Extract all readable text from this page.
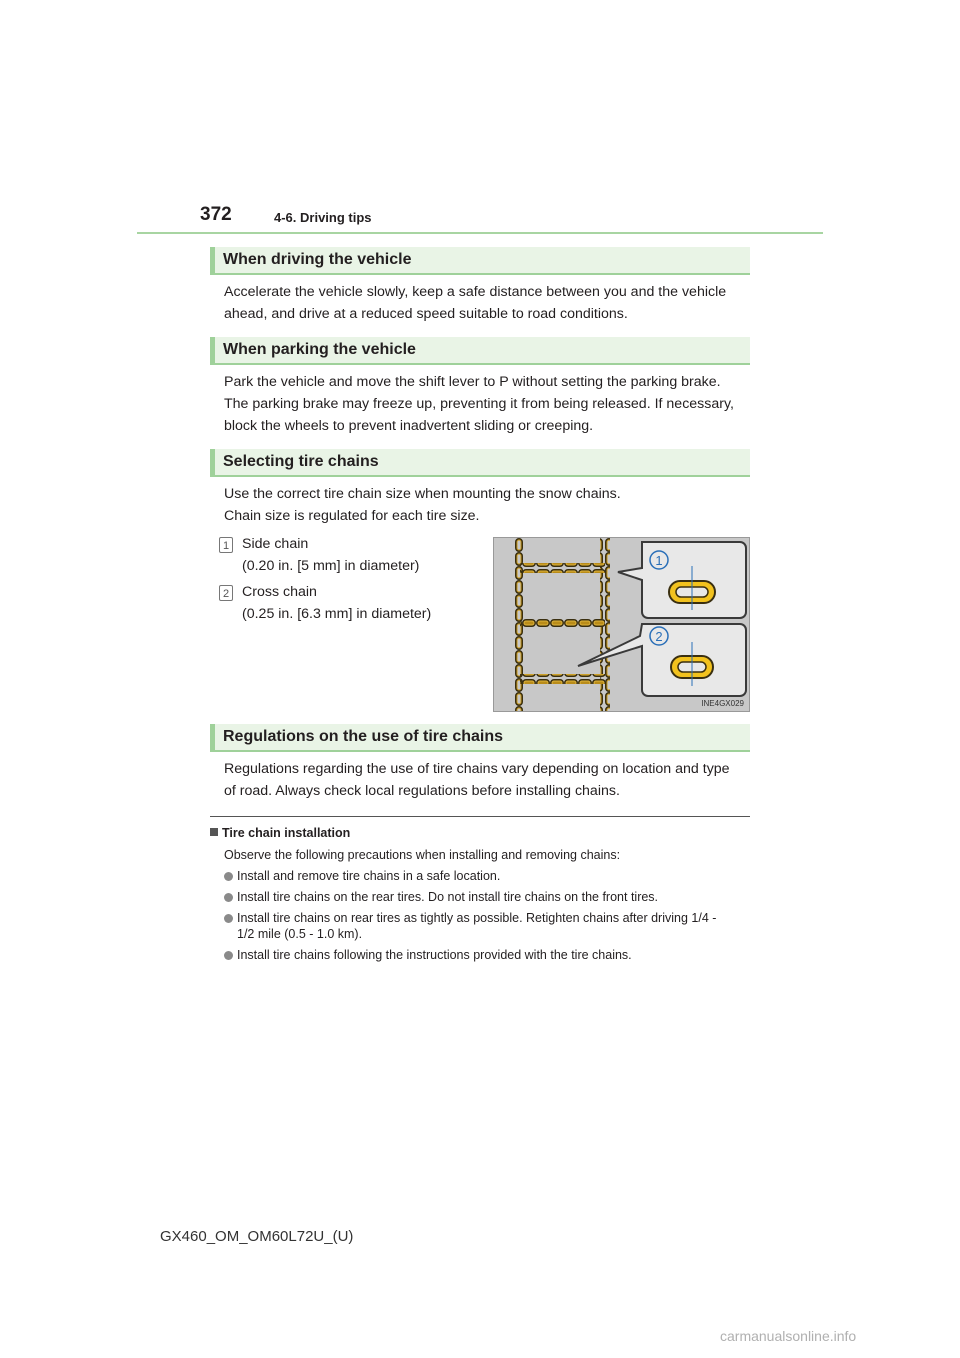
372	4-6. Driving tips
When driving the vehicle

Accelerate the vehicle slowly, keep a safe distance between you and the vehicle

ahead, and drive at a reduced speed suitable to road conditions.

When parking the vehicle

Park the vehicle and move the shift lever to P without setting the parking brake.

The parking brake may freeze up, preventing it from being released. If necessary,

block the wheels to prevent inadvertent sliding or creeping.

Selecting tire chains

Use the correct tire chain size when mounting the snow chains.

Chain size is regulated for each tire size.

1 Side chain
(0.20 in. [5 mm] in diameter)
2 Cross chain
(0.25 in. [6.3 mm] in diameter)
1
2
INE4GX029
Regulations on the use of tire chains

Regulations regarding the use of tire chains vary depending on location and type

of road. Always check local regulations before installing chains.

Tire chain installation
Observe the following precautions when installing and removing chains:
Install and remove tire chains in a safe location.
Install tire chains on the rear tires. Do not install tire chains on the front tires.
Install tire chains on rear tires as tightly as possible. Retighten chains after driving 1/4 -
1/2 mile (0.5 - 1.0 km).
Install tire chains following the instructions provided with the tire chains.
GX460_OM_OM60L72U_(U)
carmanualsonline.info
